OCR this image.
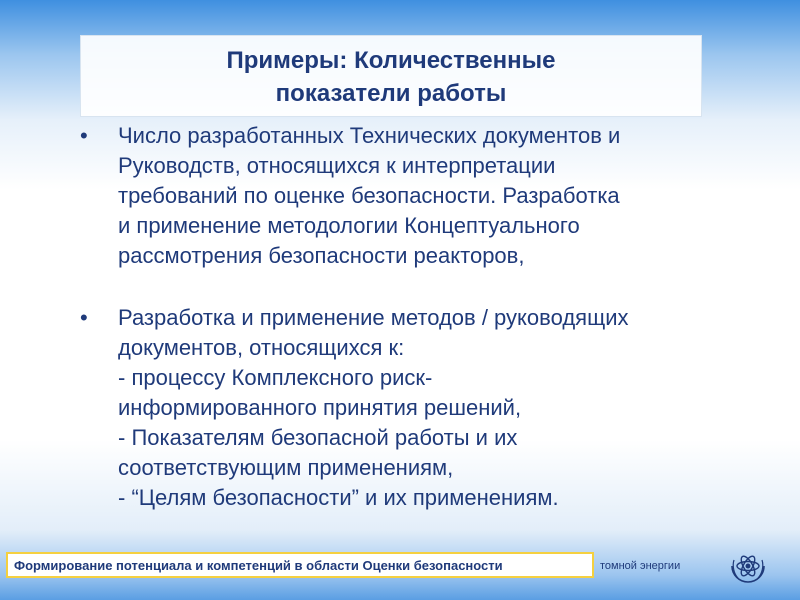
Примеры: Количественные
показатели работы
• Число разработанных Технических документов и
Руководств, относящихся к интерпретации
требований по оценке безопасности. Разработка
и применение методологии Концептуального
рассмотрения безопасности реакторов,
• Разработка и применение методов / руководящих
документов, относящихся к:
- процессу Комплексного риск-
информированного принятия решений,
- Показателям безопасной работы и их
соответствующим применениям,
- “Целям безопасности” и их применениям.
Формирование потенциала и компетенций в области Оценки безопасности	томной энергии
